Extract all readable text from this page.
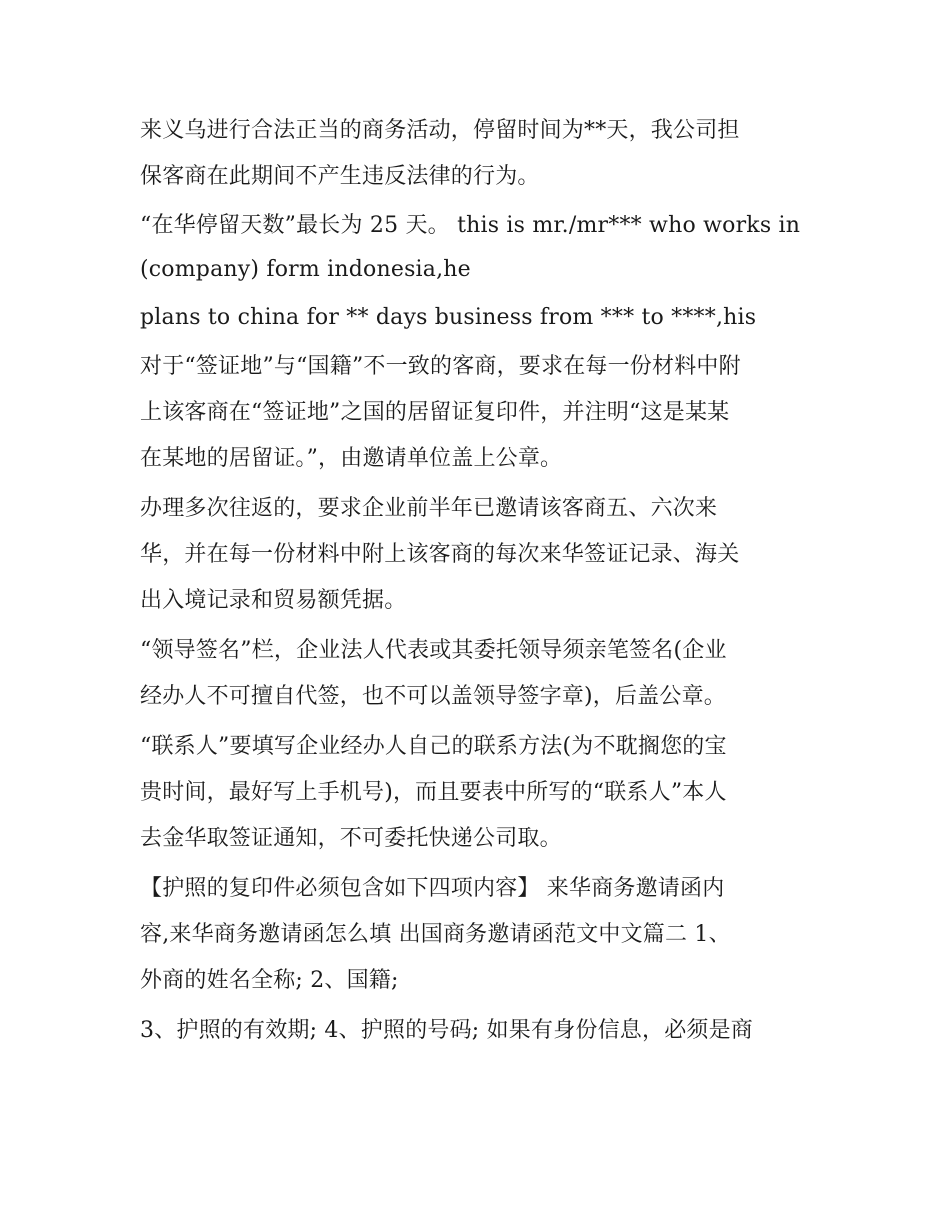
来义乌进行合法正当的商务活动，停留时间为**天，我公司担
保客商在此期间不产生违反法律的行为。

“在华停留天数”最长为 25 天。 this is mr./mr*** who works in
(company) form indonesia,he

plans to china for ** days business from *** to ****,his

对于“签证地”与“国籍”不一致的客商，要求在每一份材料中附
上该客商在“签证地”之国的居留证复印件，并注明“这是某某
在某地的居留证。”，由邀请单位盖上公章。

办理多次往返的，要求企业前半年已邀请该客商五、六次来
华，并在每一份材料中附上该客商的每次来华签证记录、海关
出入境记录和贸易额凭据。

“领导签名”栏，企业法人代表或其委托领导须亲笔签名(企业
经办人不可擅自代签，也不可以盖领导签字章)，后盖公章。

“联系人”要填写企业经办人自己的联系方法(为不耽搁您的宝
贵时间，最好写上手机号)，而且要表中所写的“联系人”本人
去金华取签证通知，不可委托快递公司取。

【护照的复印件必须包含如下四项内容】 来华商务邀请函内
容,来华商务邀请函怎么填 出国商务邀请函范文中文篇二 1、
外商的姓名全称; 2、国籍;

3、护照的有效期; 4、护照的号码; 如果有身份信息，必须是商
